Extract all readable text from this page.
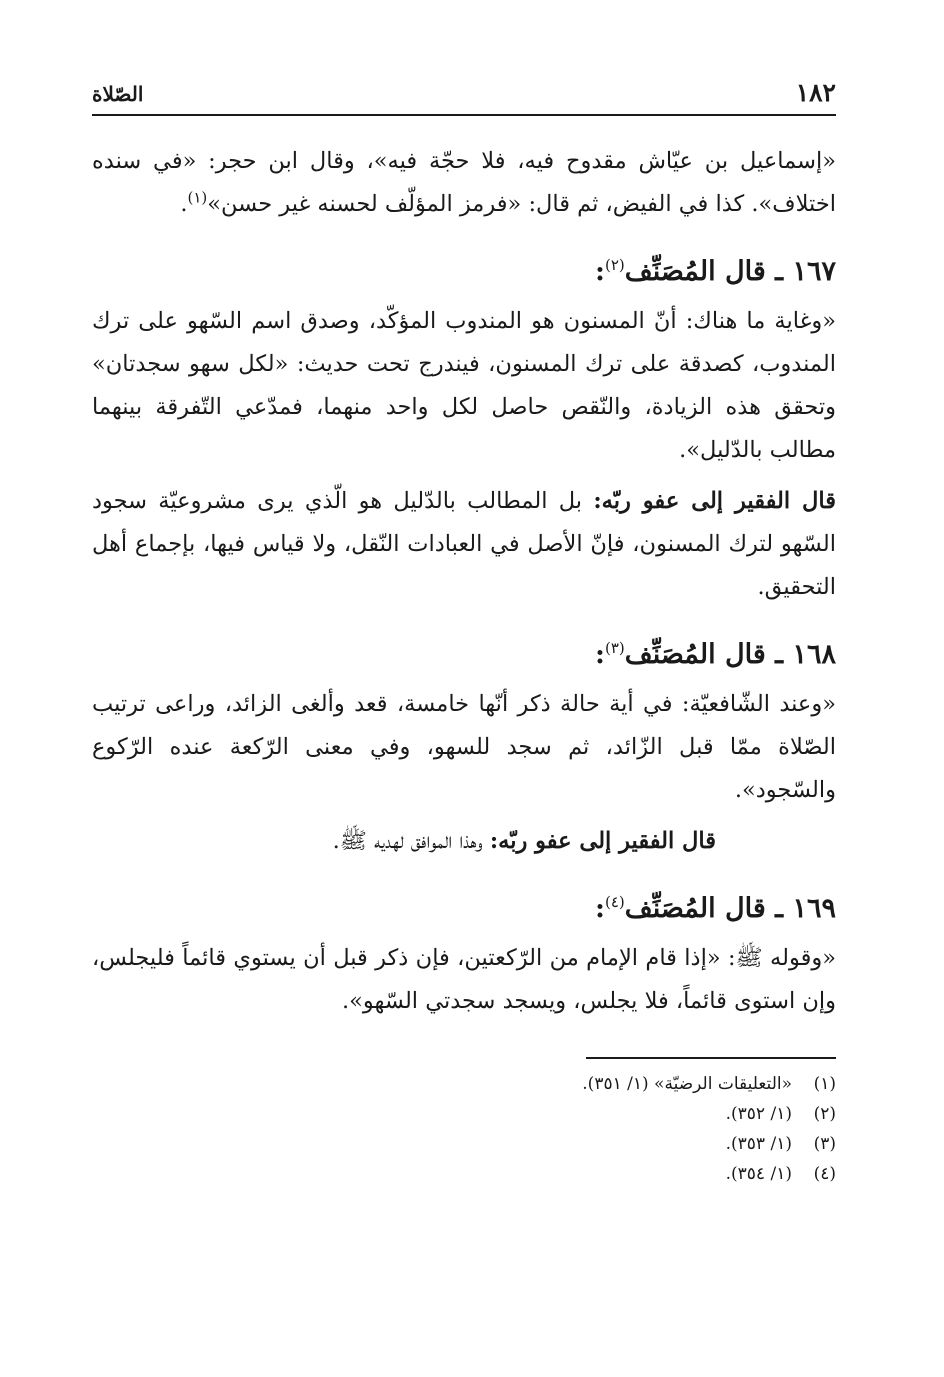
١٨٢
الصّلاة

«إسماعيل بن عيّاش مقدوح فيه، فلا حجّة فيه»، وقال ابن حجر: «في سنده اختلاف». كذا في الفيض، ثم قال: «فرمز المؤلّف لحسنه غير حسن»$^{(١)}$.

١٦٧ ـ قال المُصَنِّف$^{(٢)}$:

«وغاية ما هناك: أنّ المسنون هو المندوب المؤكّد، وصدق اسم السّهو على ترك المندوب، كصدقة على ترك المسنون، فيندرج تحت حديث: «لكل سهو سجدتان» وتحقق هذه الزيادة، والنّقص حاصل لكل واحد منهما، فمدّعي التّفرقة بينهما مطالب بالدّليل».

قال الفقير إلى عفو ربّه: بل المطالب بالدّليل هو الّذي يرى مشروعيّة سجود السّهو لترك المسنون، فإنّ الأصل في العبادات النّقل، ولا قياس فيها، بإجماع أهل التحقيق.

١٦٨ ـ قال المُصَنِّف$^{(٣)}$:

«وعند الشّافعيّة: في أية حالة ذكر أنّها خامسة، قعد وألغى الزائد، وراعى ترتيب الصّلاة ممّا قبل الزّائد، ثم سجد للسهو، وفي معنى الرّكعة عنده الرّكوع والسّجود».

قال الفقير إلى عفو ربّه: وهذا الموافق لهديه ﷺ.

١٦٩ ـ قال المُصَنِّف$^{(٤)}$:

«وقوله ﷺ: «إذا قام الإمام من الرّكعتين، فإن ذكر قبل أن يستوي قائماً فليجلس، وإن استوى قائماً، فلا يجلس، ويسجد سجدتي السّهو».

(١)«التعليقات الرضيّة» (١/ ٣٥١).
(٢)(١/ ٣٥٢).
(٣)(١/ ٣٥٣).
(٤)(١/ ٣٥٤).
